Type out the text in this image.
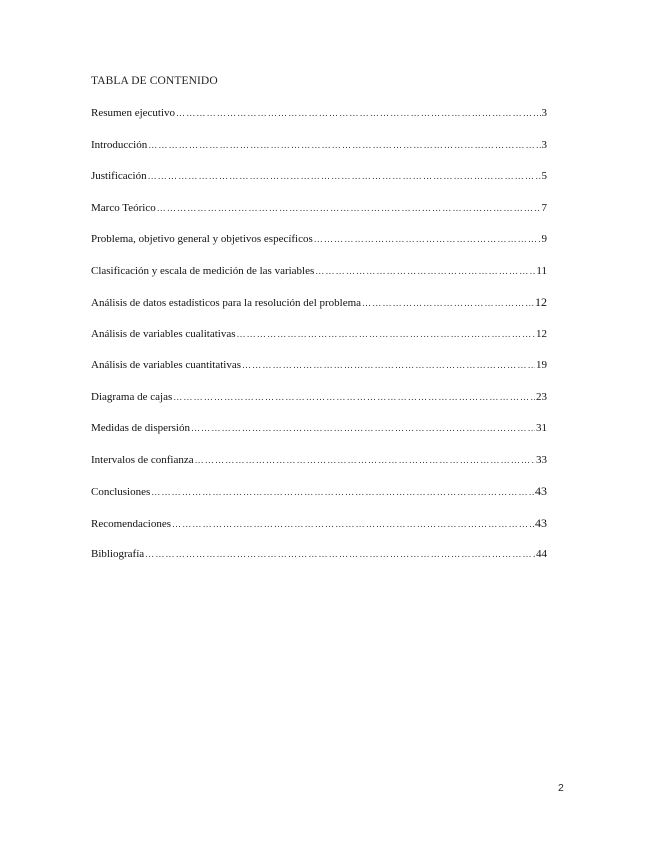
TABLA DE CONTENIDO
Resumen ejecutivo ………………………………………………………………………………………………………………………………………………………………………………………………………………………………………………	3
Introducción ………………………………………………………………………………………………………………………………………………………………………………………………………………………………………………	3
Justificación ………………………………………………………………………………………………………………………………………………………………………………………………………………………………………………	5
Marco Teórico ………………………………………………………………………………………………………………………………………………………………………………………………………………………………………………	7
Problema, objetivo general y objetivos específicos ………………………………………………………………………………………………………………………………………………………………………………………………………………………………………………	9
Clasificación y escala de medición de las variables ………………………………………………………………………………………………………………………………………………………………………………………………………………………………………………	11
Análisis de datos estadísticos para la resolución del problema ………………………………………………………………………………………………………………………………………………………………………………………………………………………………………………	12
Análisis de variables cualitativas ………………………………………………………………………………………………………………………………………………………………………………………………………………………………………………	12
Análisis de variables cuantitativas ………………………………………………………………………………………………………………………………………………………………………………………………………………………………………………	19
Diagrama de cajas ………………………………………………………………………………………………………………………………………………………………………………………………………………………………………………	23
Medidas de dispersión ………………………………………………………………………………………………………………………………………………………………………………………………………………………………………………	31
Intervalos de confianza ………………………………………………………………………………………………………………………………………………………………………………………………………………………………………………	33
Conclusiones ………………………………………………………………………………………………………………………………………………………………………………………………………………………………………………	43
Recomendaciones ………………………………………………………………………………………………………………………………………………………………………………………………………………………………………………	43
Bibliografía ………………………………………………………………………………………………………………………………………………………………………………………………………………………………………………	44
2
